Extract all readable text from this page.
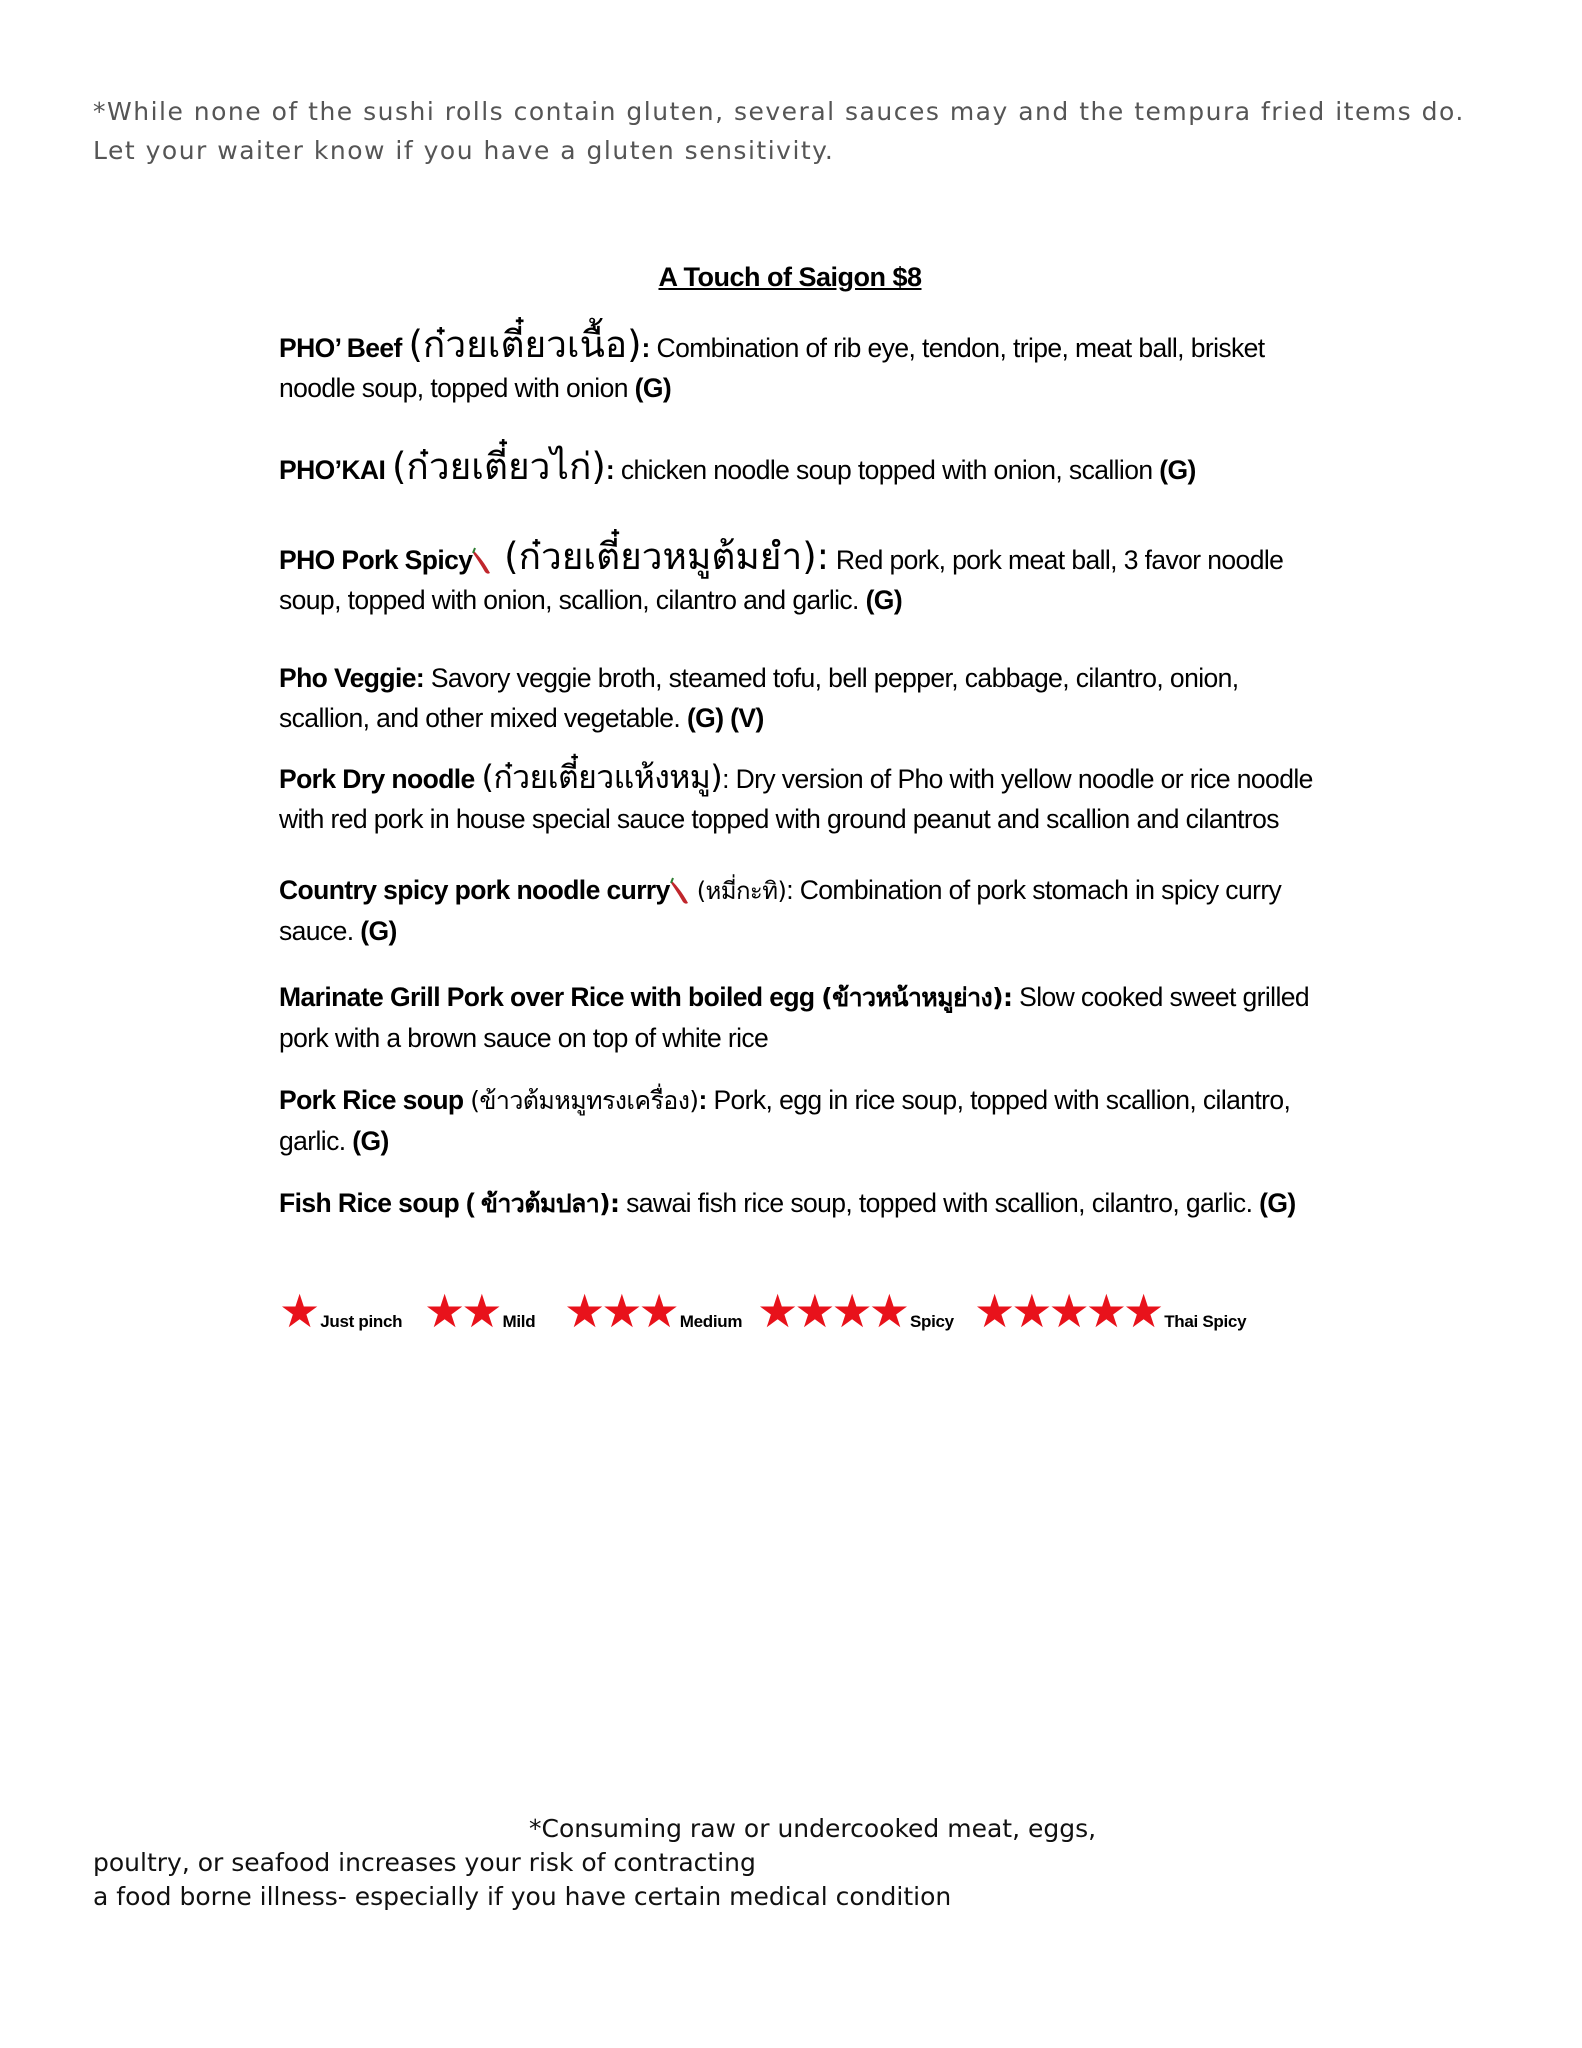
*While none of the sushi rolls contain gluten, several sauces may and the tempura fried items do. Let your waiter know if you have a gluten sensitivity.
A Touch of Saigon $8
PHO’ Beef (ก๋วยเตี๋ยวเนื้อ): Combination of rib eye, tendon, tripe, meat ball, brisket noodle soup, topped with onion (G)
PHO’KAI (ก๋วยเตี๋ยวไก่): chicken noodle soup topped with onion, scallion (G)
PHO Pork Spicy (ก๋วยเตี๋ยวหมูต้มยำ): Red pork, pork meat ball, 3 favor noodle soup, topped with onion, scallion, cilantro and garlic. (G)
Pho Veggie: Savory veggie broth, steamed tofu, bell pepper, cabbage, cilantro, onion, scallion, and other mixed vegetable. (G) (V)
Pork Dry noodle (ก๋วยเตี๋ยวแห้งหมู): Dry version of Pho with yellow noodle or rice noodle with red pork in house special sauce topped with ground peanut and scallion and cilantros
Country spicy pork noodle curry (หมี่กะทิ): Combination of pork stomach in spicy curry sauce. (G)
Marinate Grill Pork over Rice with boiled egg (ข้าวหน้าหมูย่าง): Slow cooked sweet grilled pork with a brown sauce on top of white rice
Pork Rice soup (ข้าวต้มหมูทรงเครื่อง): Pork, egg in rice soup, topped with scallion, cilantro, garlic. (G)
Fish Rice soup ( ข้าวต้มปลา): sawai fish rice soup, topped with scallion, cilantro, garlic. (G)
★ Just pinch ★★ Mild ★★★ Medium ★★★★ Spicy ★★★★★ Thai Spicy
*Consuming raw or undercooked meat, eggs,
poultry, or seafood increases your risk of contracting
a food borne illness- especially if you have certain medical condition
